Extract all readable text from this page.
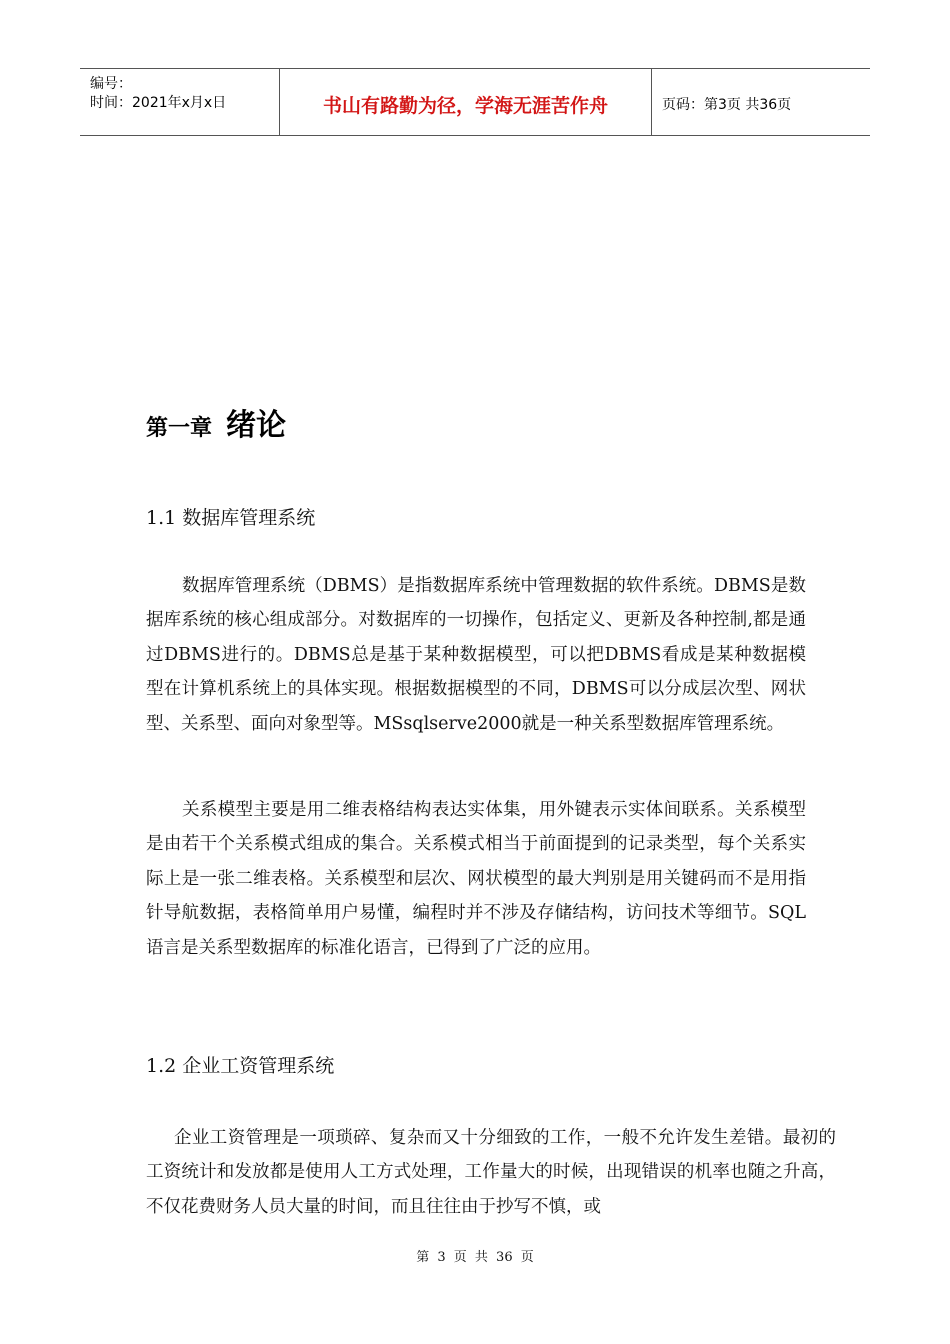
编号：
时间：2021年x月x日	书山有路勤为径，学海无涯苦作舟	页码：第3页 共36页
第一章 绪论
1.1 数据库管理系统

数据库管理系统（DBMS）是指数据库系统中管理数据的软件系统。DBMS是数据库系统的核心组成部分。对数据库的一切操作，包括定义、更新及各种控制,都是通过DBMS进行的。DBMS总是基于某种数据模型，可以把DBMS看成是某种数据模型在计算机系统上的具体实现。根据数据模型的不同，DBMS可以分成层次型、网状型、关系型、面向对象型等。MSsqlserve2000就是一种关系型数据库管理系统。

关系模型主要是用二维表格结构表达实体集，用外键表示实体间联系。关系模型是由若干个关系模式组成的集合。关系模式相当于前面提到的记录类型，每个关系实际上是一张二维表格。关系模型和层次、网状模型的最大判别是用关键码而不是用指针导航数据，表格简单用户易懂，编程时并不涉及存储结构，访问技术等细节。SQL语言是关系型数据库的标准化语言，已得到了广泛的应用。

1.2 企业工资管理系统

企业工资管理是一项琐碎、复杂而又十分细致的工作，一般不允许发生差错。最初的工资统计和发放都是使用人工方式处理，工作量大的时候，出现错误的机率也随之升高，不仅花费财务人员大量的时间，而且往往由于抄写不慎，或

第 3 页 共 36 页
